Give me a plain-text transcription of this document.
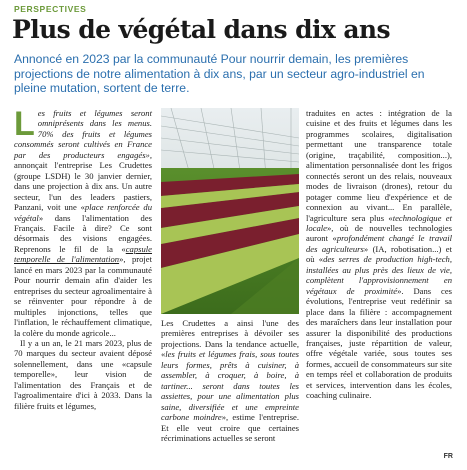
PERSPECTIVES
Plus de végétal dans dix ans
Annoncé en 2023 par la communauté Pour nourrir demain, les premières projections de notre alimentation à dix ans, par un secteur agro-industriel en pleine mutation, sortent de terre.

Les fruits et légumes seront omniprésents dans les menus. 70% des fruits et légumes consommés seront cultivés en France par des producteurs engagés», annonçait l'entreprise Les Crudettes (groupe LSDH) le 30 janvier dernier, dans une projection à dix ans. Un autre secteur, l'un des leaders pastiers, Panzani, voit une «place renforcée du végétal» dans l'alimentation des Français. Facile à dire? Ce sont désormais des visions engagées. Reprenons le fil de la «capsule temporelle de l'alimentation», projet lancé en mars 2023 par la communauté Pour nourrir demain afin d'aider les entreprises du secteur agroalimentaire à se réinventer pour répondre à de multiples injonctions, telles que l'inflation, le réchauffement climatique, la colère du monde agricole...

Il y a un an, le 21 mars 2023, plus de 70 marques du secteur avaient déposé solennellement, dans une «capsule temporelle», leur vision de l'alimentation des Français et de l'agroalimentaire d'ici à 2033. Dans la filière fruits et légumes,

Les Crudettes a ainsi l'une des premières entreprises à dévoiler ses projections. Dans la tendance actuelle, «les fruits et légumes frais, sous toutes leurs formes, prêts à cuisiner, à assembler, à croquer, à boire, à tartiner... seront dans toutes les assiettes, pour une alimentation plus saine, diversifiée et une empreinte carbone moindre», estime l'entreprise. Et elle veut croire que certaines récriminations actuelles se seront

traduites en actes : intégration de la cuisine et des fruits et légumes dans les programmes scolaires, digitalisation permettant une transparence totale (origine, traçabilité, composition...), alimentation personnalisée dont les frigos connectés seront un des relais, nouveaux modes de livraison (drones), retour du potager comme lieu d'expérience et de connexion au vivant... En parallèle, l'agriculture sera plus «technologique et locale», où de nouvelles technologies auront «profondément changé le travail des agriculteurs» (IA, robotisation...) et où «des serres de production high-tech, installées au plus près des lieux de vie, complètent l'approvisionnement en végétaux de proximité». Dans ces évolutions, l'entreprise veut redéfinir sa place dans la filière : accompagnement des maraîchers dans leur installation pour assurer la disponibilité des productions françaises, juste répartition de valeur, offre végétale variée, sous toutes ses formes, accueil de consommateurs sur site en temps réel et collaboration de produits et services, intervention dans les écoles, coaching culinaire.

FR
